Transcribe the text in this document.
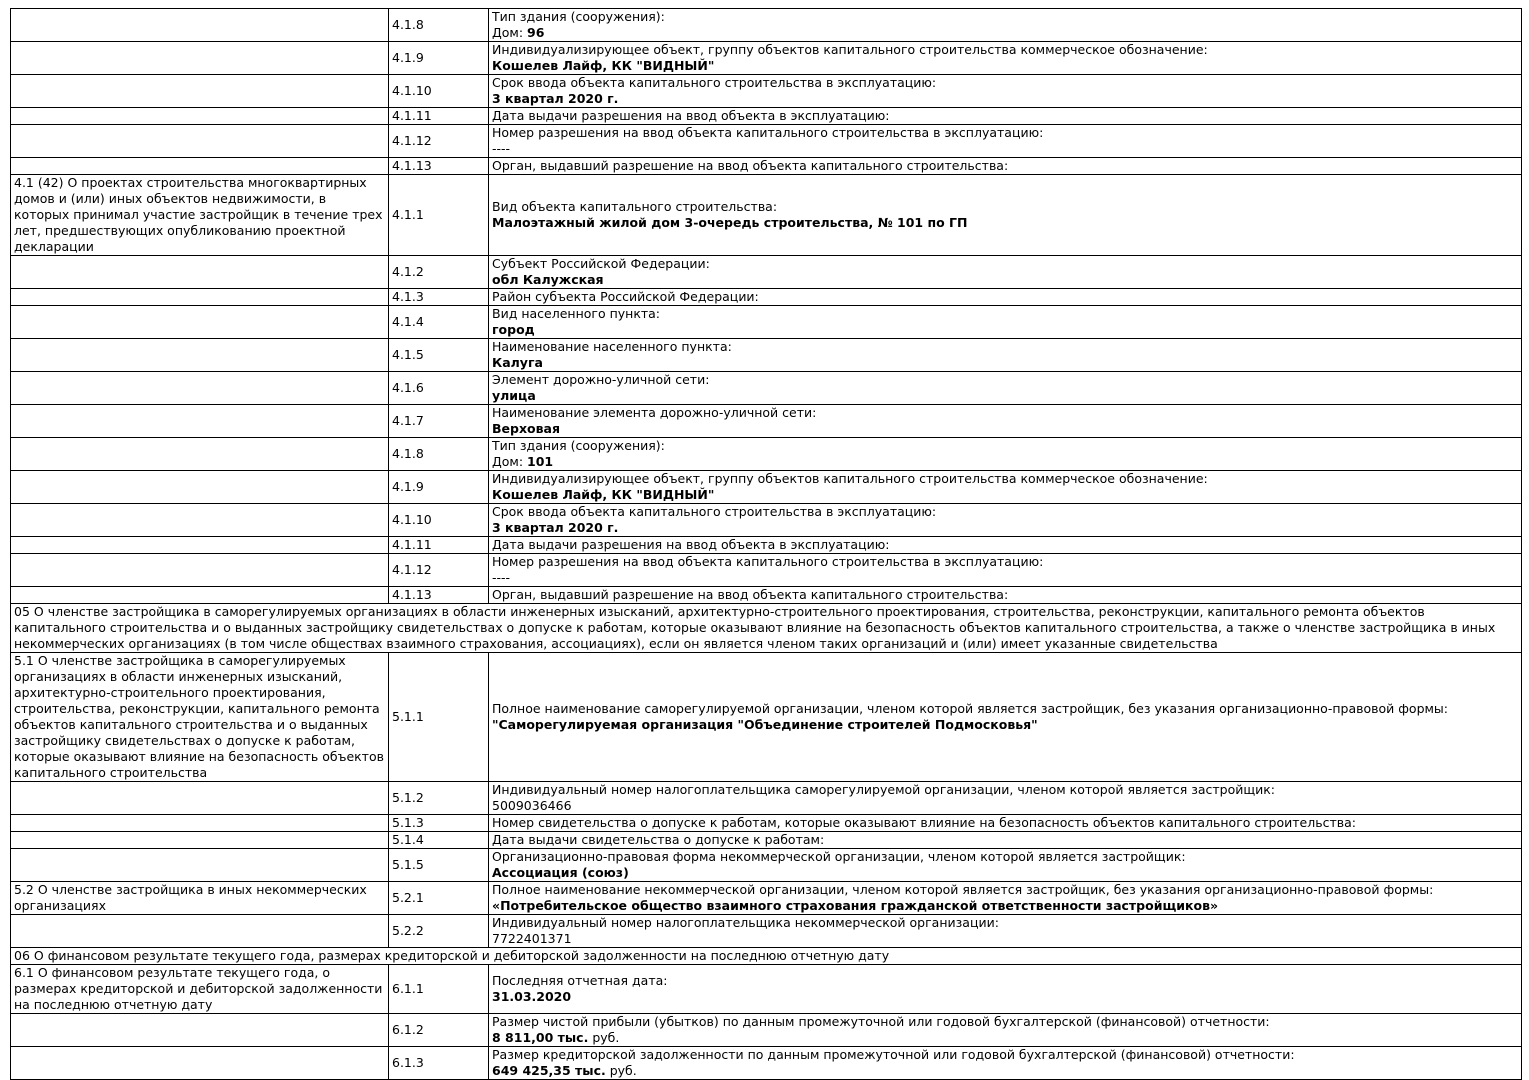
	4.1.8	Тип здания (сооружения):
Дом: 96

	4.1.9	Индивидуализирующее объект, группу объектов капитального строительства коммерческое обозначение:
Кошелев Лайф, КК "ВИДНЫЙ"

	4.1.10	Срок ввода объекта капитального строительства в эксплуатацию:
3 квартал 2020 г.

	4.1.11	Дата выдачи разрешения на ввод объекта в эксплуатацию:

	4.1.12	Номер разрешения на ввод объекта капитального строительства в эксплуатацию:
----

	4.1.13	Орган, выдавший разрешение на ввод объекта капитального строительства:

4.1 (42) О проектах строительства многоквартирных домов и (или) иных объектов недвижимости, в которых принимал участие застройщик в течение трех лет, предшествующих опубликованию проектной декларации	4.1.1	Вид объекта капитального строительства:
Малоэтажный жилой дом 3-очередь строительства, № 101 по ГП

	4.1.2	Субъект Российской Федерации:
обл Калужская

	4.1.3	Район субъекта Российской Федерации:

	4.1.4	Вид населенного пункта:
город

	4.1.5	Наименование населенного пункта:
Калуга

	4.1.6	Элемент дорожно-уличной сети:
улица

	4.1.7	Наименование элемента дорожно-уличной сети:
Верховая

	4.1.8	Тип здания (сооружения):
Дом: 101

	4.1.9	Индивидуализирующее объект, группу объектов капитального строительства коммерческое обозначение:
Кошелев Лайф, КК "ВИДНЫЙ"

	4.1.10	Срок ввода объекта капитального строительства в эксплуатацию:
3 квартал 2020 г.

	4.1.11	Дата выдачи разрешения на ввод объекта в эксплуатацию:

	4.1.12	Номер разрешения на ввод объекта капитального строительства в эксплуатацию:
----

	4.1.13	Орган, выдавший разрешение на ввод объекта капитального строительства:

05 О членстве застройщика в саморегулируемых организациях в области инженерных изысканий, архитектурно-строительного проектирования, строительства, реконструкции, капитального ремонта объектов капитального строительства и о выданных застройщику свидетельствах о допуске к работам, которые оказывают влияние на безопасность объектов капитального строительства, а также о членстве застройщика в иных некоммерческих организациях (в том числе обществах взаимного страхования, ассоциациях), если он является членом таких организаций и (или) имеет указанные свидетельства		
5.1 О членстве застройщика в саморегулируемых организациях в области инженерных изысканий, архитектурно-строительного проектирования, строительства, реконструкции, капитального ремонта объектов капитального строительства и о выданных застройщику свидетельствах о допуске к работам, которые оказывают влияние на безопасность объектов капитального строительства	5.1.1	Полное наименование саморегулируемой организации, членом которой является застройщик, без указания организационно-правовой формы:
"Саморегулируемая организация "Объединение строителей Подмосковья"

	5.1.2	Индивидуальный номер налогоплательщика саморегулируемой организации, членом которой является застройщик:
5009036466

	5.1.3	Номер свидетельства о допуске к работам, которые оказывают влияние на безопасность объектов капитального строительства:

	5.1.4	Дата выдачи свидетельства о допуске к работам:

	5.1.5	Организационно-правовая форма некоммерческой организации, членом которой является застройщик:
Ассоциация (союз)

5.2 О членстве застройщика в иных некоммерческих организациях	5.2.1	Полное наименование некоммерческой организации, членом которой является застройщик, без указания организационно-правовой формы:
«Потребительское общество взаимного страхования гражданской ответственности застройщиков»

	5.2.2	Индивидуальный номер налогоплательщика некоммерческой организации:
7722401371

06 О финансовом результате текущего года, размерах кредиторской и дебиторской задолженности на последнюю отчетную дату		
6.1 О финансовом результате текущего года, о размерах кредиторской и дебиторской задолженности на последнюю отчетную дату	6.1.1	Последняя отчетная дата:
31.03.2020

	6.1.2	Размер чистой прибыли (убытков) по данным промежуточной или годовой бухгалтерской (финансовой) отчетности:
8 811,00 тыс. руб.

	6.1.3	Размер кредиторской задолженности по данным промежуточной или годовой бухгалтерской (финансовой) отчетности:
649 425,35 тыс. руб.
